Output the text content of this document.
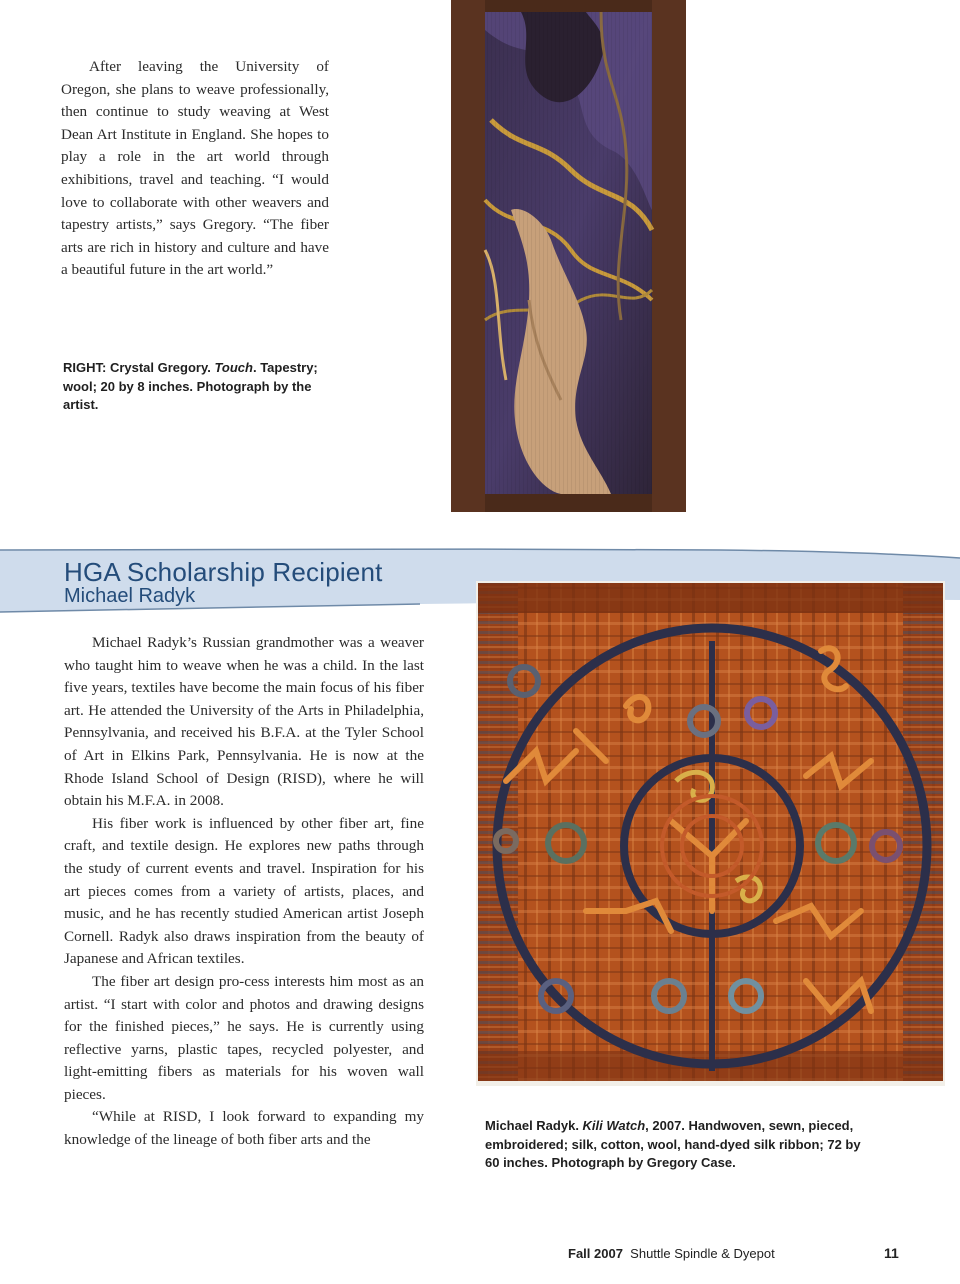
After leaving the University of Oregon, she plans to weave professionally, then continue to study weaving at West Dean Art Institute in England. She hopes to play a role in the art world through exhibitions, travel and teaching. “I would love to collaborate with other weavers and tapestry artists,” says Gregory. “The fiber arts are rich in history and culture and have a beautiful future in the art world.”

RIGHT: Crystal Gregory. Touch. Tapestry; wool; 20 by 8 inches. Photograph by the artist.
HGA Scholarship Recipient
Michael Radyk

Michael Radyk’s Russian grandmother was a weaver who taught him to weave when he was a child. In the last five years, textiles have become the main focus of his fiber art. He attended the University of the Arts in Philadelphia, Pennsylvania, and received his B.F.A. at the Tyler School of Art in Elkins Park, Pennsylvania. He is now at the Rhode Island School of Design (RISD), where he will obtain his M.F.A. in 2008.

His fiber work is influenced by other fiber art, fine craft, and textile design. He explores new paths through the study of current events and travel. Inspiration for his art pieces comes from a variety of artists, places, and music, and he has recently studied American artist Joseph Cornell. Radyk also draws inspiration from the beauty of Japanese and African textiles.

The fiber art design pro-cess interests him most as an artist. “I start with color and photos and drawing designs for the finished pieces,” he says. He is currently using reflective yarns, plastic tapes, recycled polyester, and light-emitting fibers as materials for his woven wall pieces.

“While at RISD, I look forward to expanding my knowledge of the lineage of both fiber arts and the

Michael Radyk. Kili Watch, 2007. Handwoven, sewn, pieced, embroidered; silk, cotton, wool, hand-dyed silk ribbon; 72 by 60 inches. Photograph by Gregory Case.
Fall 2007 Shuttle Spindle & Dyepot	11
